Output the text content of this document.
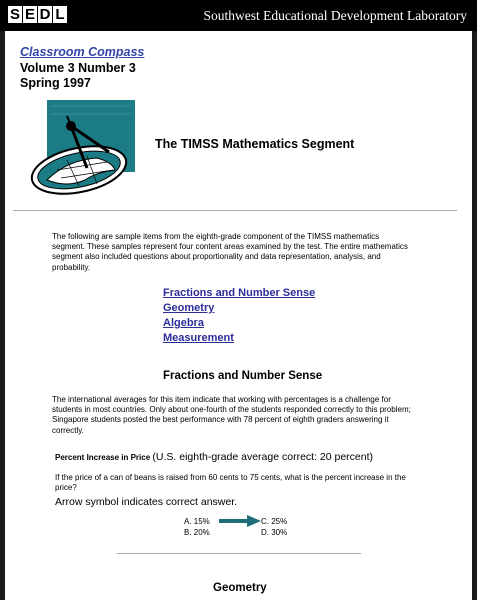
S E D L	Southwest Educational Development Laboratory
Classroom Compass
Volume 3 Number 3
Spring 1997
The TIMSS Mathematics Segment
The following are sample items from the eighth-grade component of the TIMSS mathematics segment. These samples represent four content areas examined by the test. The entire mathematics segment also included questions about proportionality and data representation, analysis, and probability.
Fractions and Number Sense
Geometry
Algebra
Measurement
Fractions and Number Sense
The international averages for this item indicate that working with percentages is a challenge for students in most countries. Only about one-fourth of the students responded correctly to this problem; Singapore students posted the best performance with 78 percent of eighth graders answering it correctly.
Percent Increase in Price (U.S. eighth-grade average correct: 20 percent)
If the price of a can of beans is raised from 60 cents to 75 cents, what is the percent increase in the price?
Arrow symbol indicates correct answer.
A. 15%
B. 20%
C. 25%
D. 30%
Geometry
